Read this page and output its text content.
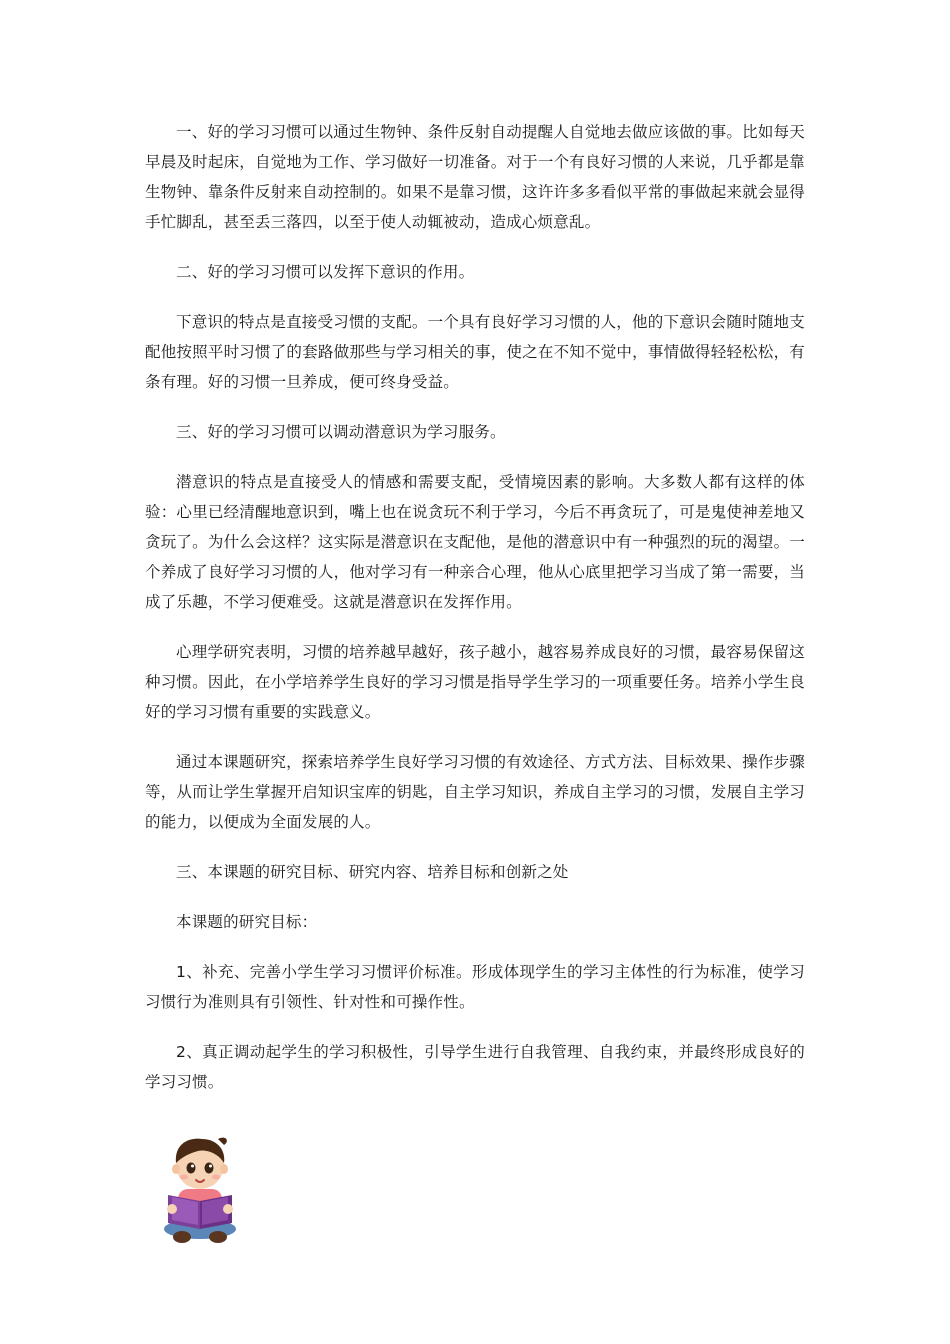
一、好的学习习惯可以通过生物钟、条件反射自动提醒人自觉地去做应该做的事。比如每天早晨及时起床，自觉地为工作、学习做好一切准备。对于一个有良好习惯的人来说，几乎都是靠生物钟、靠条件反射来自动控制的。如果不是靠习惯，这许许多多看似平常的事做起来就会显得手忙脚乱，甚至丢三落四，以至于使人动辄被动，造成心烦意乱。

二、好的学习习惯可以发挥下意识的作用。

下意识的特点是直接受习惯的支配。一个具有良好学习习惯的人，他的下意识会随时随地支配他按照平时习惯了的套路做那些与学习相关的事，使之在不知不觉中，事情做得轻轻松松，有条有理。好的习惯一旦养成，便可终身受益。

三、好的学习习惯可以调动潜意识为学习服务。

潜意识的特点是直接受人的情感和需要支配，受情境因素的影响。大多数人都有这样的体验：心里已经清醒地意识到，嘴上也在说贪玩不利于学习，今后不再贪玩了，可是鬼使神差地又贪玩了。为什么会这样？这实际是潜意识在支配他，是他的潜意识中有一种强烈的玩的渴望。一个养成了良好学习习惯的人，他对学习有一种亲合心理，他从心底里把学习当成了第一需要，当成了乐趣，不学习便难受。这就是潜意识在发挥作用。

心理学研究表明，习惯的培养越早越好，孩子越小，越容易养成良好的习惯，最容易保留这种习惯。因此，在小学培养学生良好的学习习惯是指导学生学习的一项重要任务。培养小学生良好的学习习惯有重要的实践意义。

通过本课题研究，探索培养学生良好学习习惯的有效途径、方式方法、目标效果、操作步骤等，从而让学生掌握开启知识宝库的钥匙，自主学习知识，养成自主学习的习惯，发展自主学习的能力，以便成为全面发展的人。

三、本课题的研究目标、研究内容、培养目标和创新之处

本课题的研究目标：

1、补充、完善小学生学习习惯评价标准。形成体现学生的学习主体性的行为标准，使学习习惯行为准则具有引领性、针对性和可操作性。

2、真正调动起学生的学习积极性，引导学生进行自我管理、自我约束，并最终形成良好的学习习惯。
